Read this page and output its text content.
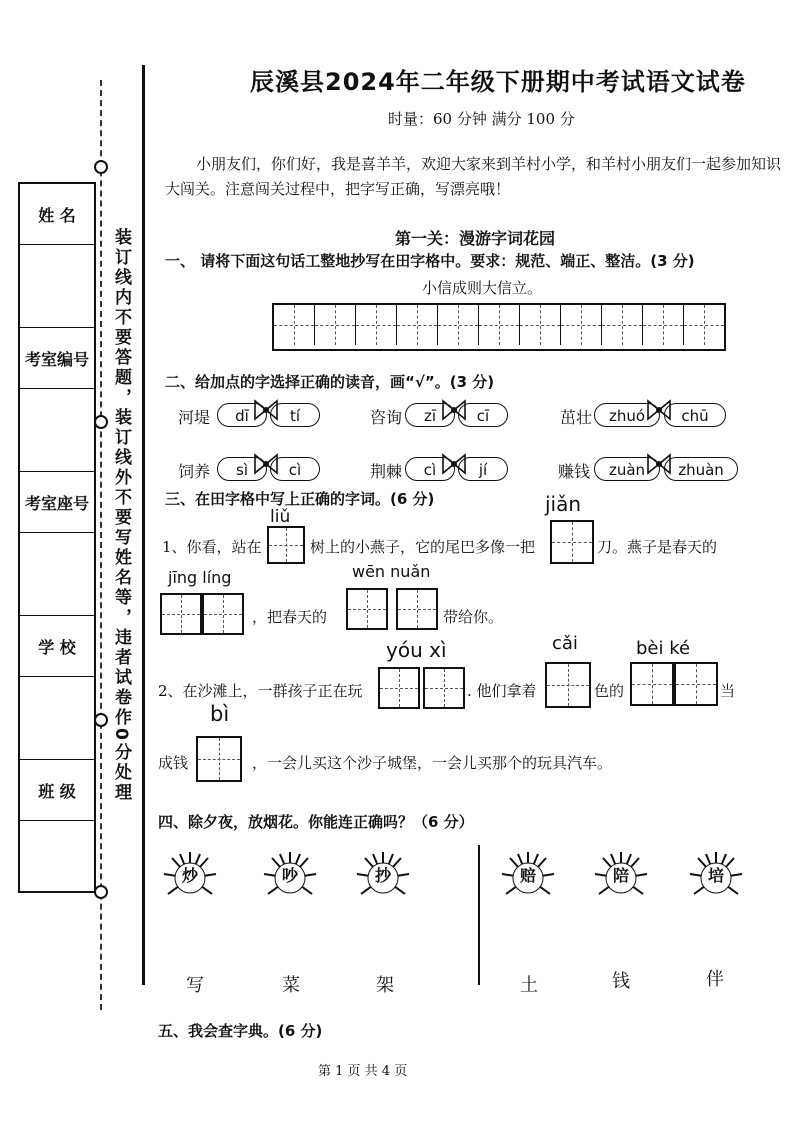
装订线内不要答题，装订线外不要写姓名等，违者试卷作0分处理
姓 名

考室编号

考室座号

学 校

班 级

辰溪县2024年二年级下册期中考试语文试卷
时量：60 分钟 满分 100 分
小朋友们，你们好，我是喜羊羊，欢迎大家来到羊村小学，和羊村小朋友们一起参加知识
大闯关。注意闯关过程中，把字写正确，写漂亮哦！
第一关：漫游字词花园
一、 请将下面这句话工整地抄写在田字格中。要求：规范、端正、整洁。(3 分)
小信成则大信立。
二、给加点的字选择正确的读音，画“√”。(3 分)
河堤	dī	tí	咨询	zī	cī	茁壮	zhuó	chū
饲养	sì	cì	荆棘	cì	jí	赚钱	zuàn	zhuàn
三、在田字格中写上正确的字词。(6 分)
liǔ
jiǎn
1、你看，站在	树上的小燕子，它的尾巴多像一把	刀。燕子是春天的
jīng líng
，把春天的
wēn nuǎn
带给你。
yóu xì	cǎi	bèi ké
2、在沙滩上，一群孩子正在玩	. 他们拿着	色的	当
bì
成钱	，一会儿买这个沙子城堡，一会儿买那个的玩具汽车。
四、除夕夜，放烟花。你能连正确吗？（6 分）
炒	吵	抄	赔	陪	培
写	菜	架	土	钱	伴
五、我会查字典。(6 分)
第 1 页 共 4 页
